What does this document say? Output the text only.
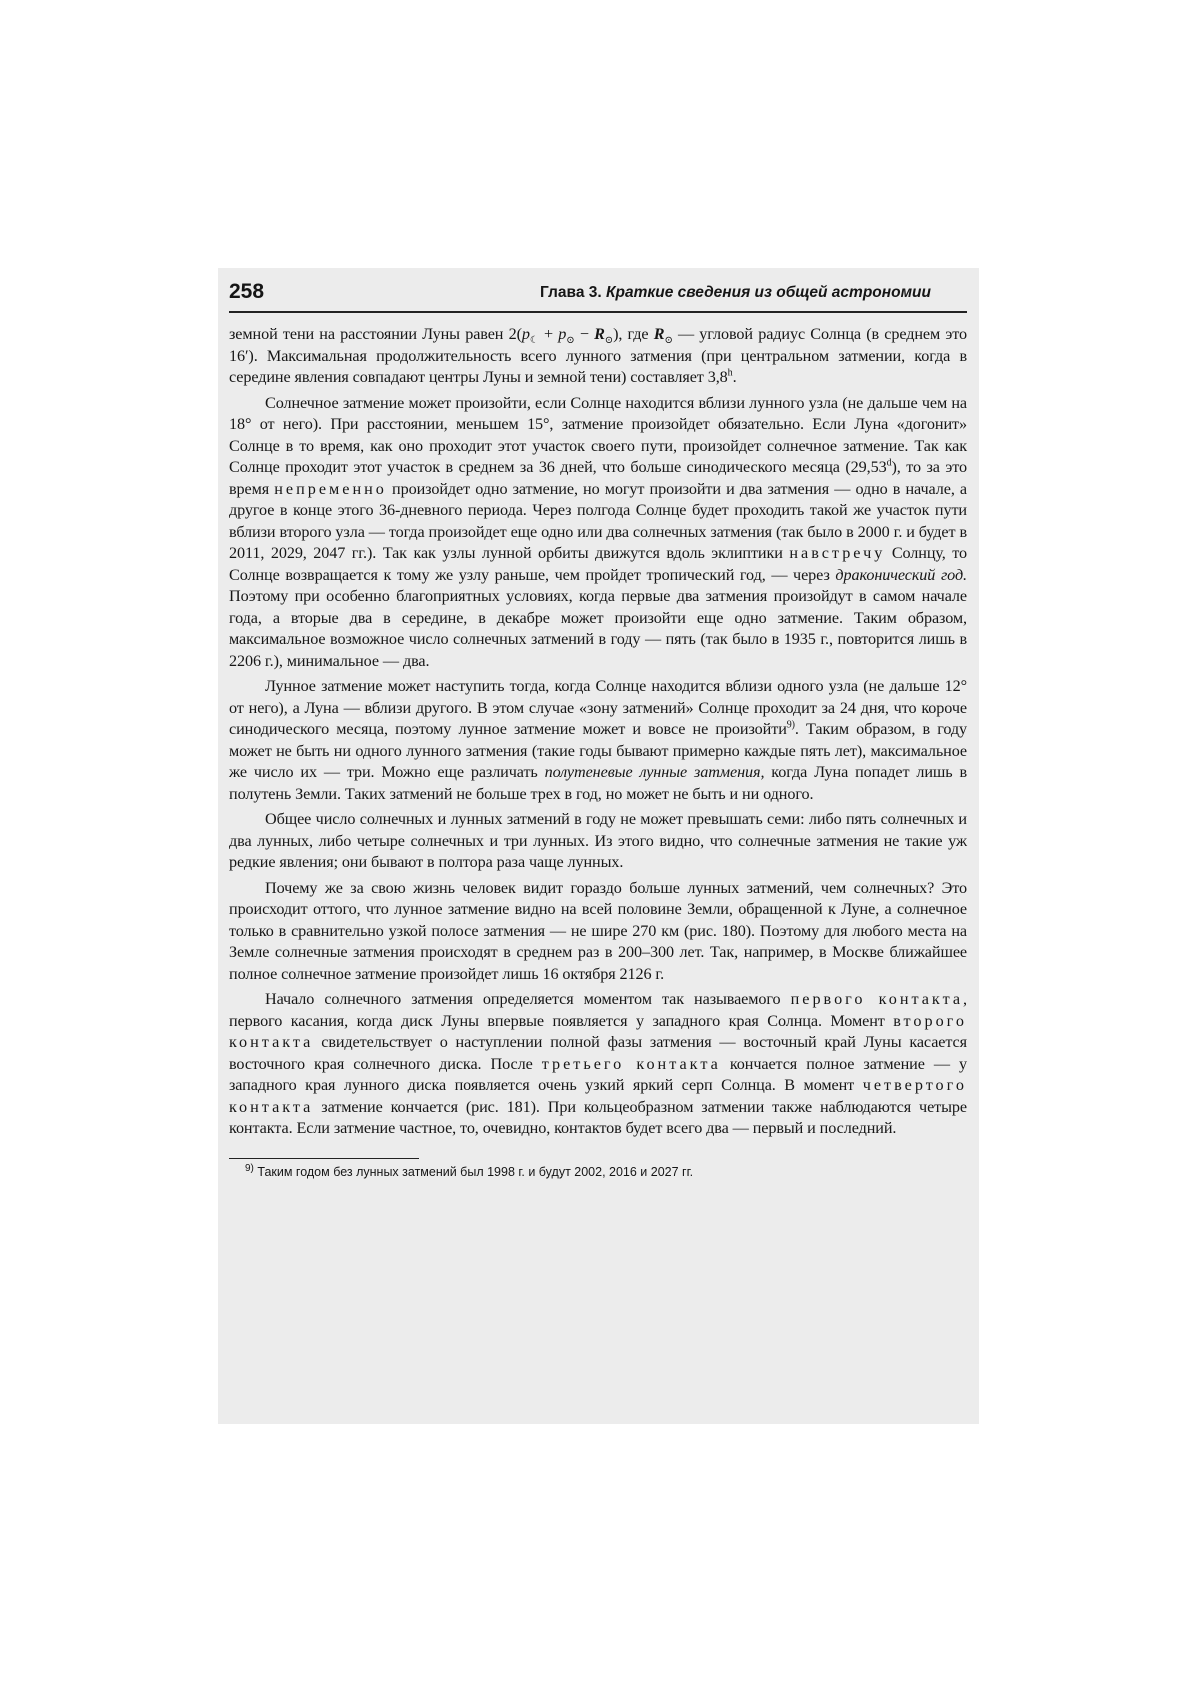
258	Глава 3. Краткие сведения из общей астрономии

земной тени на расстоянии Луны равен $2(p_☾ + p_⊙ - R_⊙)$, где $R_⊙$ — угловой радиус Солнца (в среднем это 16′). Максимальная продолжительность всего лунного затмения (при центральном затмении, когда в середине явления совпадают центры Луны и земной тени) составляет 3,8$^h$.

Солнечное затмение может произойти, если Солнце находится вблизи лунного узла (не дальше чем на 18° от него). При расстоянии, меньшем 15°, затмение произойдет обязательно. Если Луна «догонит» Солнце в то время, как оно проходит этот участок своего пути, произойдет солнечное затмение. Так как Солнце проходит этот участок в среднем за 36 дней, что больше синодического месяца (29,53$^d$), то за это время непременно произойдет одно затмение, но могут произойти и два затмения — одно в начале, а другое в конце этого 36-дневного периода. Через полгода Солнце будет проходить такой же участок пути вблизи второго узла — тогда произойдет еще одно или два солнечных затмения (так было в 2000 г. и будет в 2011, 2029, 2047 гг.). Так как узлы лунной орбиты движутся вдоль эклиптики навстречу Солнцу, то Солнце возвращается к тому же узлу раньше, чем пройдет тропический год, — через драконический год. Поэтому при особенно благоприятных условиях, когда первые два затмения произойдут в самом начале года, а вторые два в середине, в декабре может произойти еще одно затмение. Таким образом, максимальное возможное число солнечных затмений в году — пять (так было в 1935 г., повторится лишь в 2206 г.), минимальное — два.

Лунное затмение может наступить тогда, когда Солнце находится вблизи одного узла (не дальше 12° от него), а Луна — вблизи другого. В этом случае «зону затмений» Солнце проходит за 24 дня, что короче синодического месяца, поэтому лунное затмение может и вовсе не произойти$^{9)}$. Таким образом, в году может не быть ни одного лунного затмения (такие годы бывают примерно каждые пять лет), максимальное же число их — три. Можно еще различать полутеневые лунные затмения, когда Луна попадет лишь в полутень Земли. Таких затмений не больше трех в год, но может не быть и ни одного.

Общее число солнечных и лунных затмений в году не может превышать семи: либо пять солнечных и два лунных, либо четыре солнечных и три лунных. Из этого видно, что солнечные затмения не такие уж редкие явления; они бывают в полтора раза чаще лунных.

Почему же за свою жизнь человек видит гораздо больше лунных затмений, чем солнечных? Это происходит оттого, что лунное затмение видно на всей половине Земли, обращенной к Луне, а солнечное только в сравнительно узкой полосе затмения — не шире 270 км (рис. 180). Поэтому для любого места на Земле солнечные затмения происходят в среднем раз в 200–300 лет. Так, например, в Москве ближайшее полное солнечное затмение произойдет лишь 16 октября 2126 г.

Начало солнечного затмения определяется моментом так называемого первого контакта, первого касания, когда диск Луны впервые появляется у западного края Солнца. Момент второго контакта свидетельствует о наступлении полной фазы затмения — восточный край Луны касается восточного края солнечного диска. После третьего контакта кончается полное затмение — у западного края лунного диска появляется очень узкий яркий серп Солнца. В момент четвертого контакта затмение кончается (рис. 181). При кольцеобразном затмении также наблюдаются четыре контакта. Если затмение частное, то, очевидно, контактов будет всего два — первый и последний.

$^{9)}$ Таким годом без лунных затмений был 1998 г. и будут 2002, 2016 и 2027 гг.
